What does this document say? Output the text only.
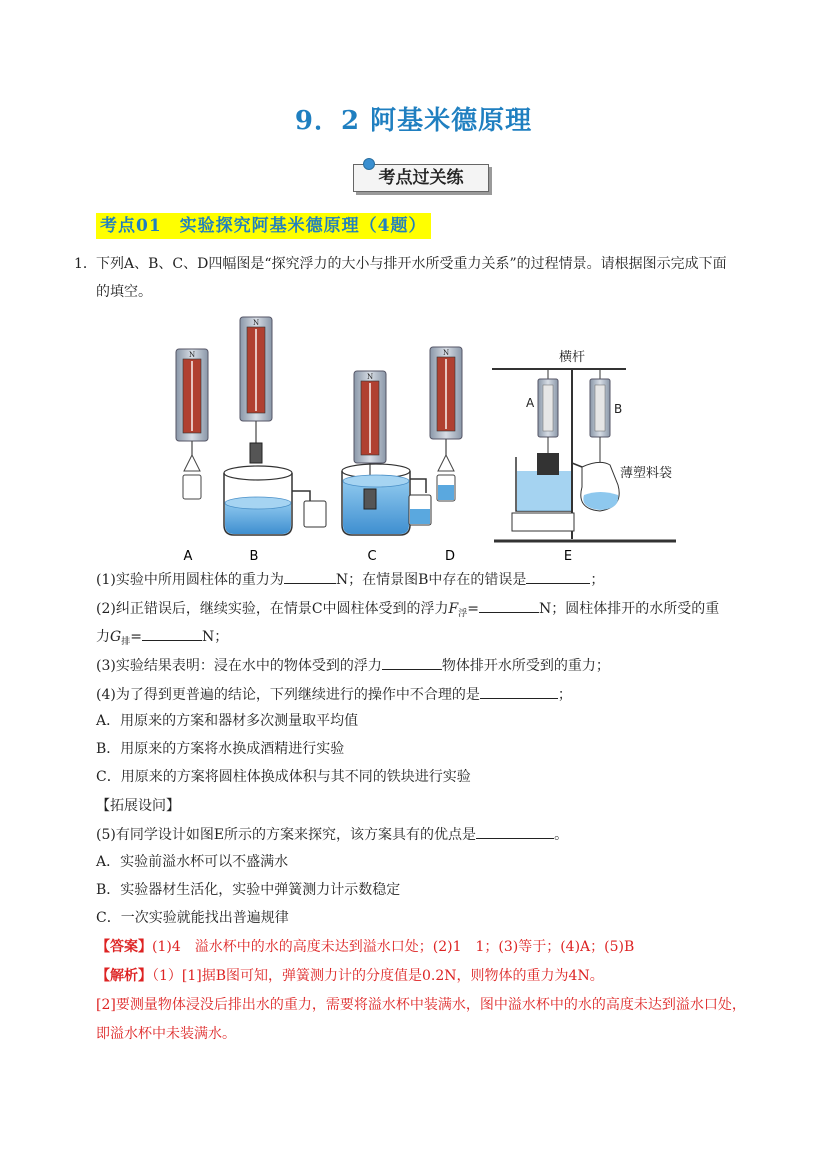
9．2 阿基米德原理
考点过关练
考点01　实验探究阿基米德原理（4题）
1． 下列A、B、C、D四幅图是“探究浮力的大小与排开水所受重力关系”的过程情景。请根据图示完成下面
的填空。
N
N
N
N	横杆
A	B
薄塑料袋
A	B	C	D	E
(1)实验中所用圆柱体的重力为	N；在情景图B中存在的错误是	；
(2)纠正错误后，继续实验，在情景C中圆柱体受到的浮力$F_浮=$	N；圆柱体排开的水所受的重
力$G_排=$	N；
(3)实验结果表明：浸在水中的物体受到的浮力	物体排开水所受到的重力；
(4)为了得到更普遍的结论，下列继续进行的操作中不合理的是	；
A．用原来的方案和器材多次测量取平均值
B．用原来的方案将水换成酒精进行实验
C．用原来的方案将圆柱体换成体积与其不同的铁块进行实验
【拓展设问】
(5)有同学设计如图E所示的方案来探究，该方案具有的优点是	。
A．实验前溢水杯可以不盛满水
B．实验器材生活化，实验中弹簧测力计示数稳定
C．一次实验就能找出普遍规律
【答案】(1)4　溢水杯中的水的高度未达到溢水口处；(2)1　1；(3)等于；(4)A；(5)B
【解析】（1）[1]据B图可知，弹簧测力计的分度值是0.2N，则物体的重力为4N。
[2]要测量物体浸没后排出水的重力，需要将溢水杯中装满水，图中溢水杯中的水的高度未达到溢水口处，
即溢水杯中未装满水。
